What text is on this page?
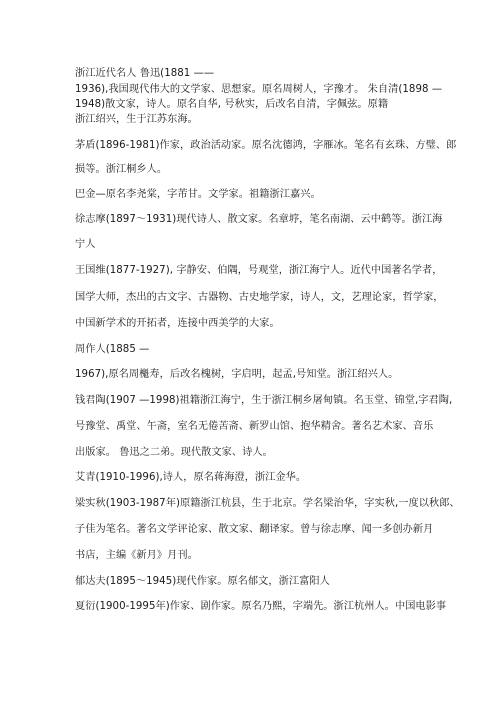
浙江近代名人 鲁迅(1881 ——
1936),我国现代伟大的文学家、思想家。原名周树人，字豫才。 朱自清(1898 —
1948)散文家，诗人。原名自华, 号秋实，后改名自清，字佩弦。原籍
浙江绍兴，生于江苏东海。
茅盾(1896-1981)作家，政治活动家。原名沈德鸿，字雁冰。笔名有玄珠、方璧、郎
损等。浙江桐乡人。
巴金—原名李尧棠，字芾甘。文学家。祖籍浙江嘉兴。
徐志摩(1897～1931)现代诗人、散文家。名章垿，笔名南湖、云中鹤等。浙江海
宁人
王国维(1877-1927), 字静安、伯隅，号观堂，浙江海宁人。近代中国著名学者，
国学大师，杰出的古文字、古器物、古史地学家，诗人，文，艺理论家，哲学家，
中国新学术的开拓者，连接中西美学的大家。
周作人(1885 —
1967),原名周櫆寿，后改名槐树，字启明，起孟,号知堂。浙江绍兴人。
钱君陶(1907 —1998)祖籍浙江海宁，生于浙江桐乡屠甸镇。名玉堂、锦堂,字君陶,
号豫堂、禹堂、午斋，室名无倦苦斋、新罗山馆、抱华精舍。著名艺术家、音乐
出版家。 鲁迅之二弟。现代散文家、诗人。
艾青(1910-1996),诗人，原名蒋海澄，浙江金华。
梁实秋(1903-1987年)原籍浙江杭县，生于北京。学名梁治华，字实秋,一度以秋郎、
子佳为笔名。著名文学评论家、散文家、翻译家。曾与徐志摩、闻一多创办新月
书店，主编《新月》月刊。
郁达夫(1895～1945)现代作家。原名郁文，浙江富阳人
夏衍(1900-1995年)作家、剧作家。原名乃熙，字端先。浙江杭州人。中国电影事
